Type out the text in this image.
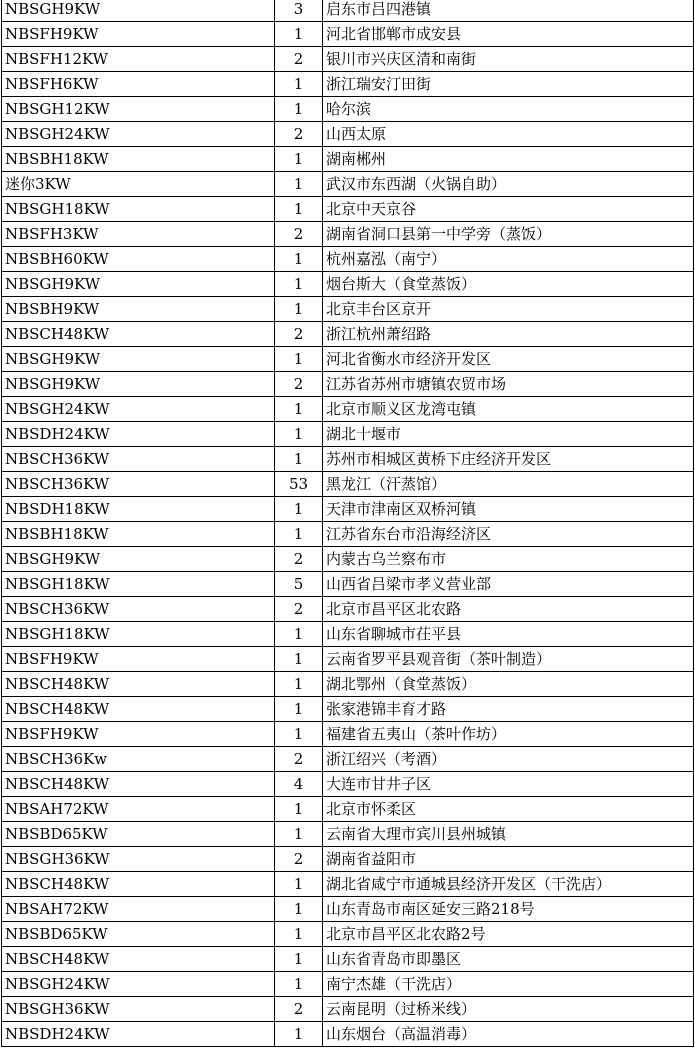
NBSGH9KW	3	启东市吕四港镇
NBSFH9KW	1	河北省邯郸市成安县
NBSFH12KW	2	银川市兴庆区清和南街
NBSFH6KW	1	浙江瑞安汀田街
NBSGH12KW	1	哈尔滨
NBSGH24KW	2	山西太原
NBSBH18KW	1	湖南郴州
迷你3KW	1	武汉市东西湖（火锅自助）
NBSGH18KW	1	北京中天京谷
NBSFH3KW	2	湖南省洞口县第一中学旁（蒸饭）
NBSBH60KW	1	杭州嘉泓（南宁）
NBSGH9KW	1	烟台斯大（食堂蒸饭）
NBSBH9KW	1	北京丰台区京开
NBSCH48KW	2	浙江杭州萧绍路
NBSGH9KW	1	河北省衡水市经济开发区
NBSGH9KW	2	江苏省苏州市塘镇农贸市场
NBSGH24KW	1	北京市顺义区龙湾屯镇
NBSDH24KW	1	湖北十堰市
NBSCH36KW	1	苏州市相城区黄桥下庄经济开发区
NBSCH36KW	53	黑龙江（汗蒸馆）
NBSDH18KW	1	天津市津南区双桥河镇
NBSBH18KW	1	江苏省东台市沿海经济区
NBSGH9KW	2	内蒙古乌兰察布市
NBSGH18KW	5	山西省吕梁市孝义营业部
NBSCH36KW	2	北京市昌平区北农路
NBSGH18KW	1	山东省聊城市茌平县
NBSFH9KW	1	云南省罗平县观音街（茶叶制造）
NBSCH48KW	1	湖北鄂州（食堂蒸饭）
NBSCH48KW	1	张家港锦丰育才路
NBSFH9KW	1	福建省五夷山（茶叶作坊）
NBSCH36Kw	2	浙江绍兴（考酒）
NBSCH48KW	4	大连市甘井子区
NBSAH72KW	1	北京市怀柔区
NBSBD65KW	1	云南省大理市宾川县州城镇
NBSGH36KW	2	湖南省益阳市
NBSCH48KW	1	湖北省咸宁市通城县经济开发区（干洗店）
NBSAH72KW	1	山东青岛市南区延安三路218号
NBSBD65KW	1	北京市昌平区北农路2号
NBSCH48KW	1	山东省青岛市即墨区
NBSGH24KW	1	南宁杰雄（干洗店）
NBSGH36KW	2	云南昆明（过桥米线）
NBSDH24KW	1	山东烟台（高温消毒）
